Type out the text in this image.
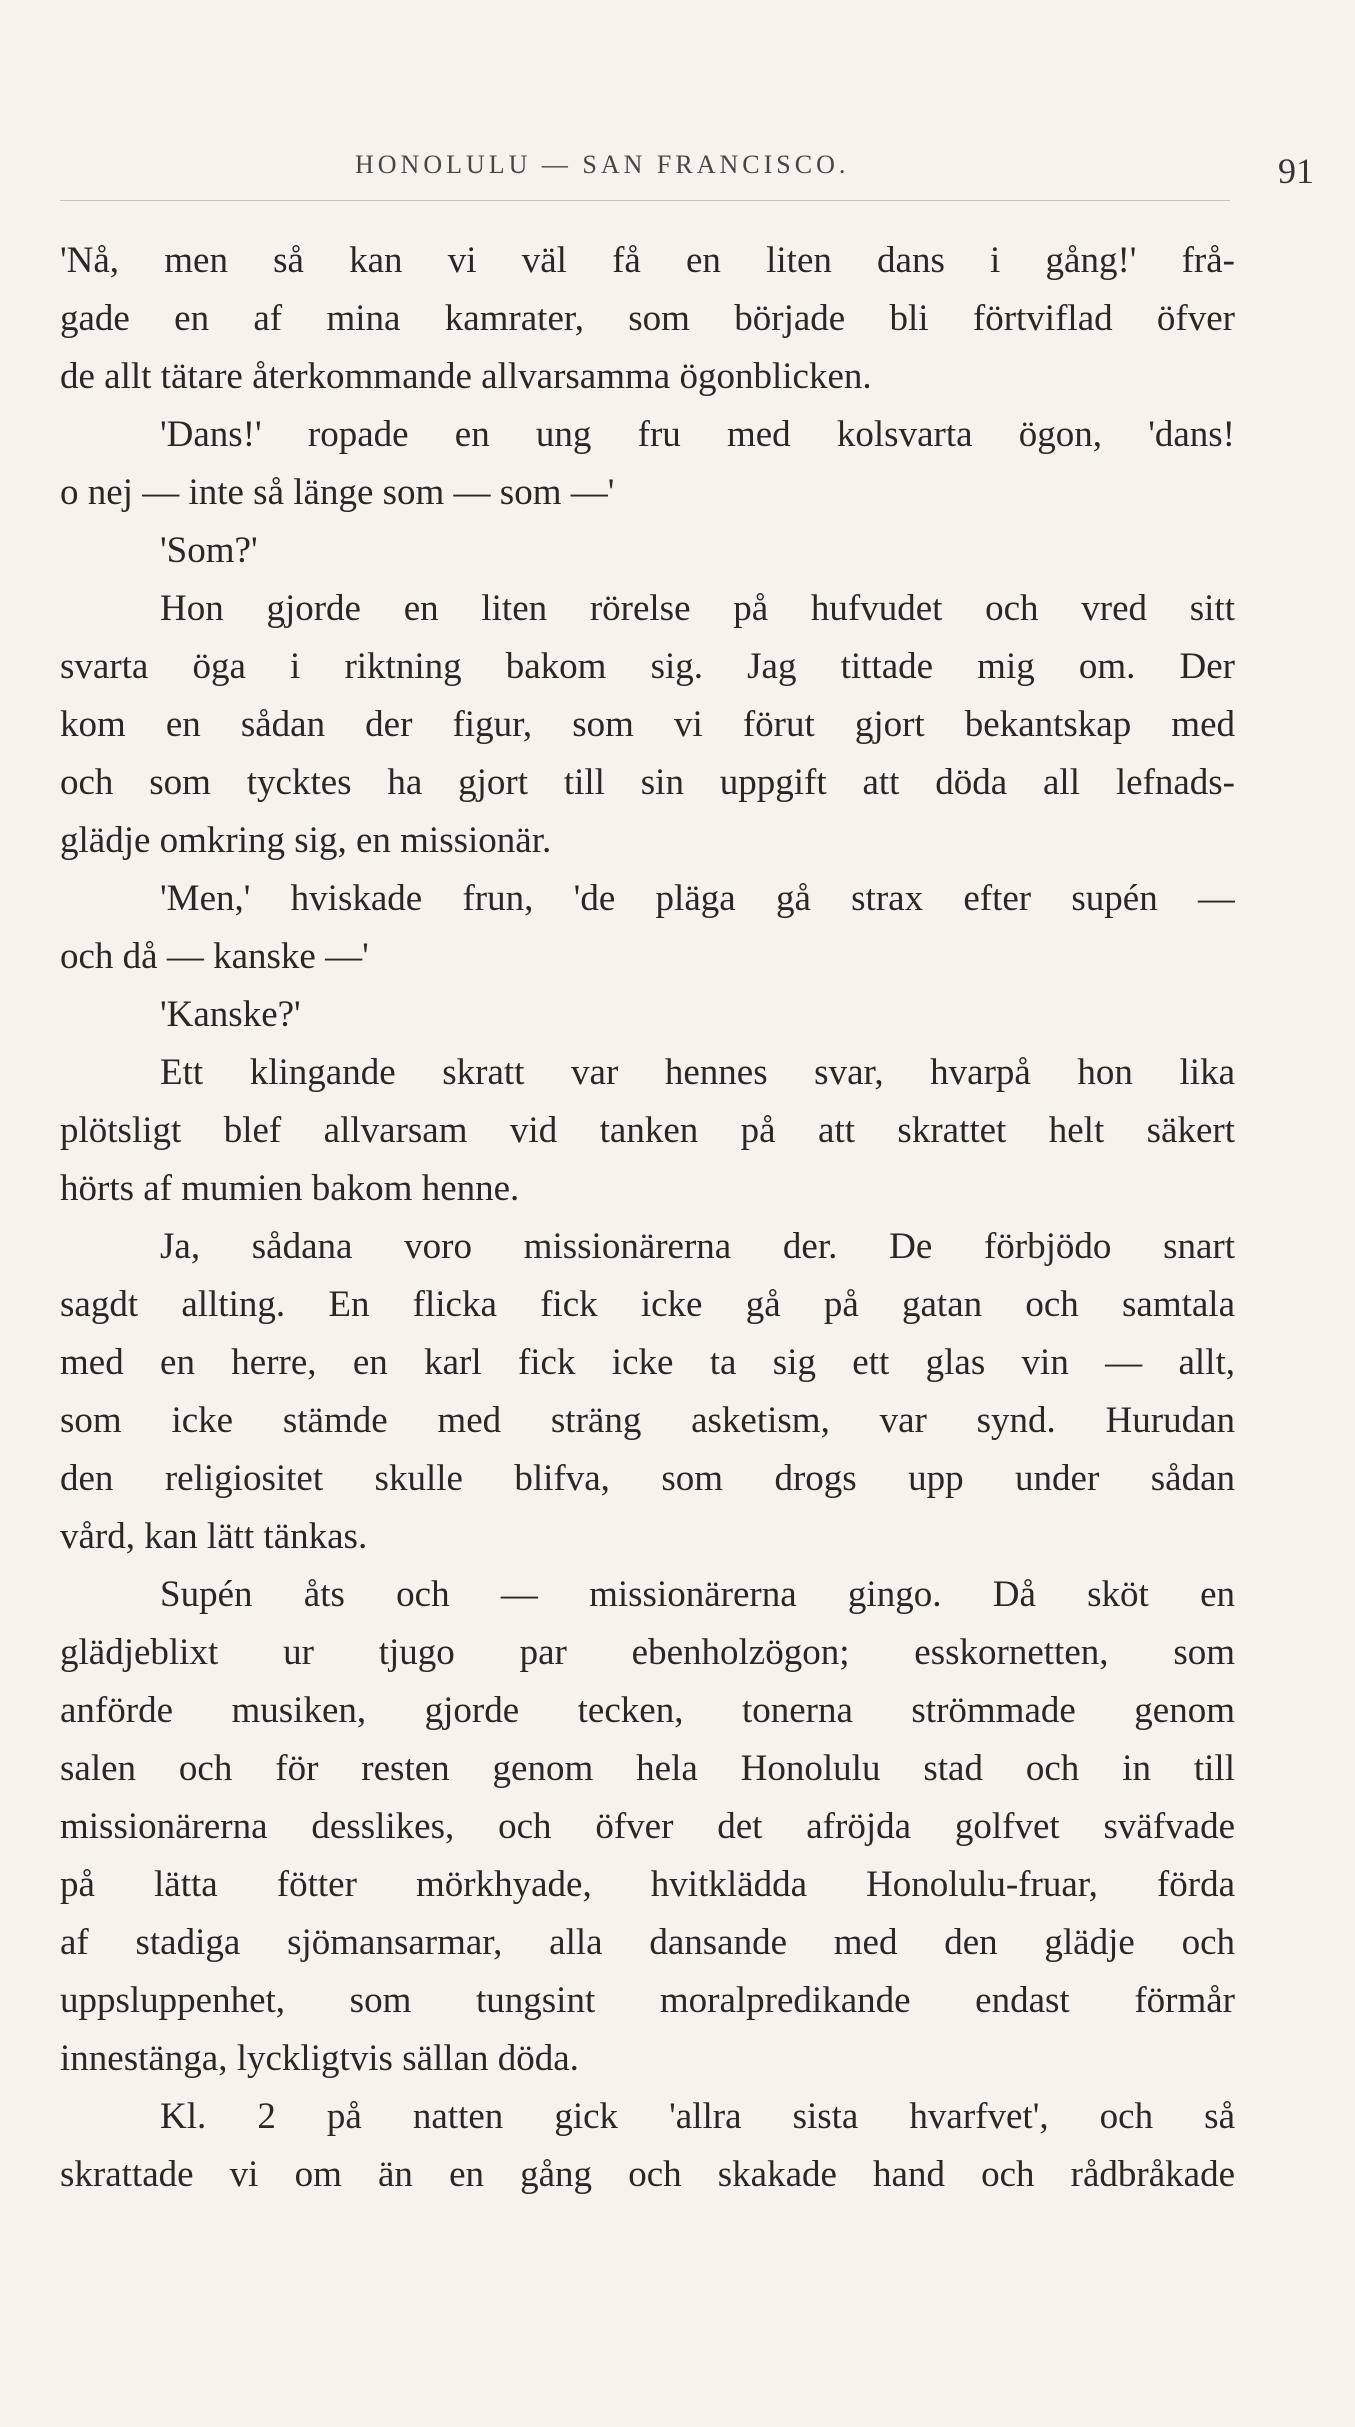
HONOLULU — SAN FRANCISCO.	91
'Nå, men så kan vi väl få en liten dans i gång!' frå-
gade en af mina kamrater, som började bli förtviflad öfver
de allt tätare återkommande allvarsamma ögonblicken.
'Dans!' ropade en ung fru med kolsvarta ögon, 'dans!
o nej — inte så länge som — som —'
'Som?'
Hon gjorde en liten rörelse på hufvudet och vred sitt
svarta öga i riktning bakom sig. Jag tittade mig om. Der
kom en sådan der figur, som vi förut gjort bekantskap med
och som tycktes ha gjort till sin uppgift att döda all lefnads-
glädje omkring sig, en missionär.
'Men,' hviskade frun, 'de pläga gå strax efter supén —
och då — kanske —'
'Kanske?'
Ett klingande skratt var hennes svar, hvarpå hon lika
plötsligt blef allvarsam vid tanken på att skrattet helt säkert
hörts af mumien bakom henne.
Ja, sådana voro missionärerna der. De förbjödo snart
sagdt allting. En flicka fick icke gå på gatan och samtala
med en herre, en karl fick icke ta sig ett glas vin — allt,
som icke stämde med sträng asketism, var synd. Hurudan
den religiositet skulle blifva, som drogs upp under sådan
vård, kan lätt tänkas.
Supén åts och — missionärerna gingo. Då sköt en
glädjeblixt ur tjugo par ebenholzögon; esskornetten, som
anförde musiken, gjorde tecken, tonerna strömmade genom
salen och för resten genom hela Honolulu stad och in till
missionärerna desslikes, och öfver det afröjda golfvet sväfvade
på lätta fötter mörkhyade, hvitklädda Honolulu-fruar, förda
af stadiga sjömansarmar, alla dansande med den glädje och
uppsluppenhet, som tungsint moralpredikande endast förmår
innestänga, lyckligtvis sällan döda.
Kl. 2 på natten gick 'allra sista hvarfvet', och så
skrattade vi om än en gång och skakade hand och rådbråkade
